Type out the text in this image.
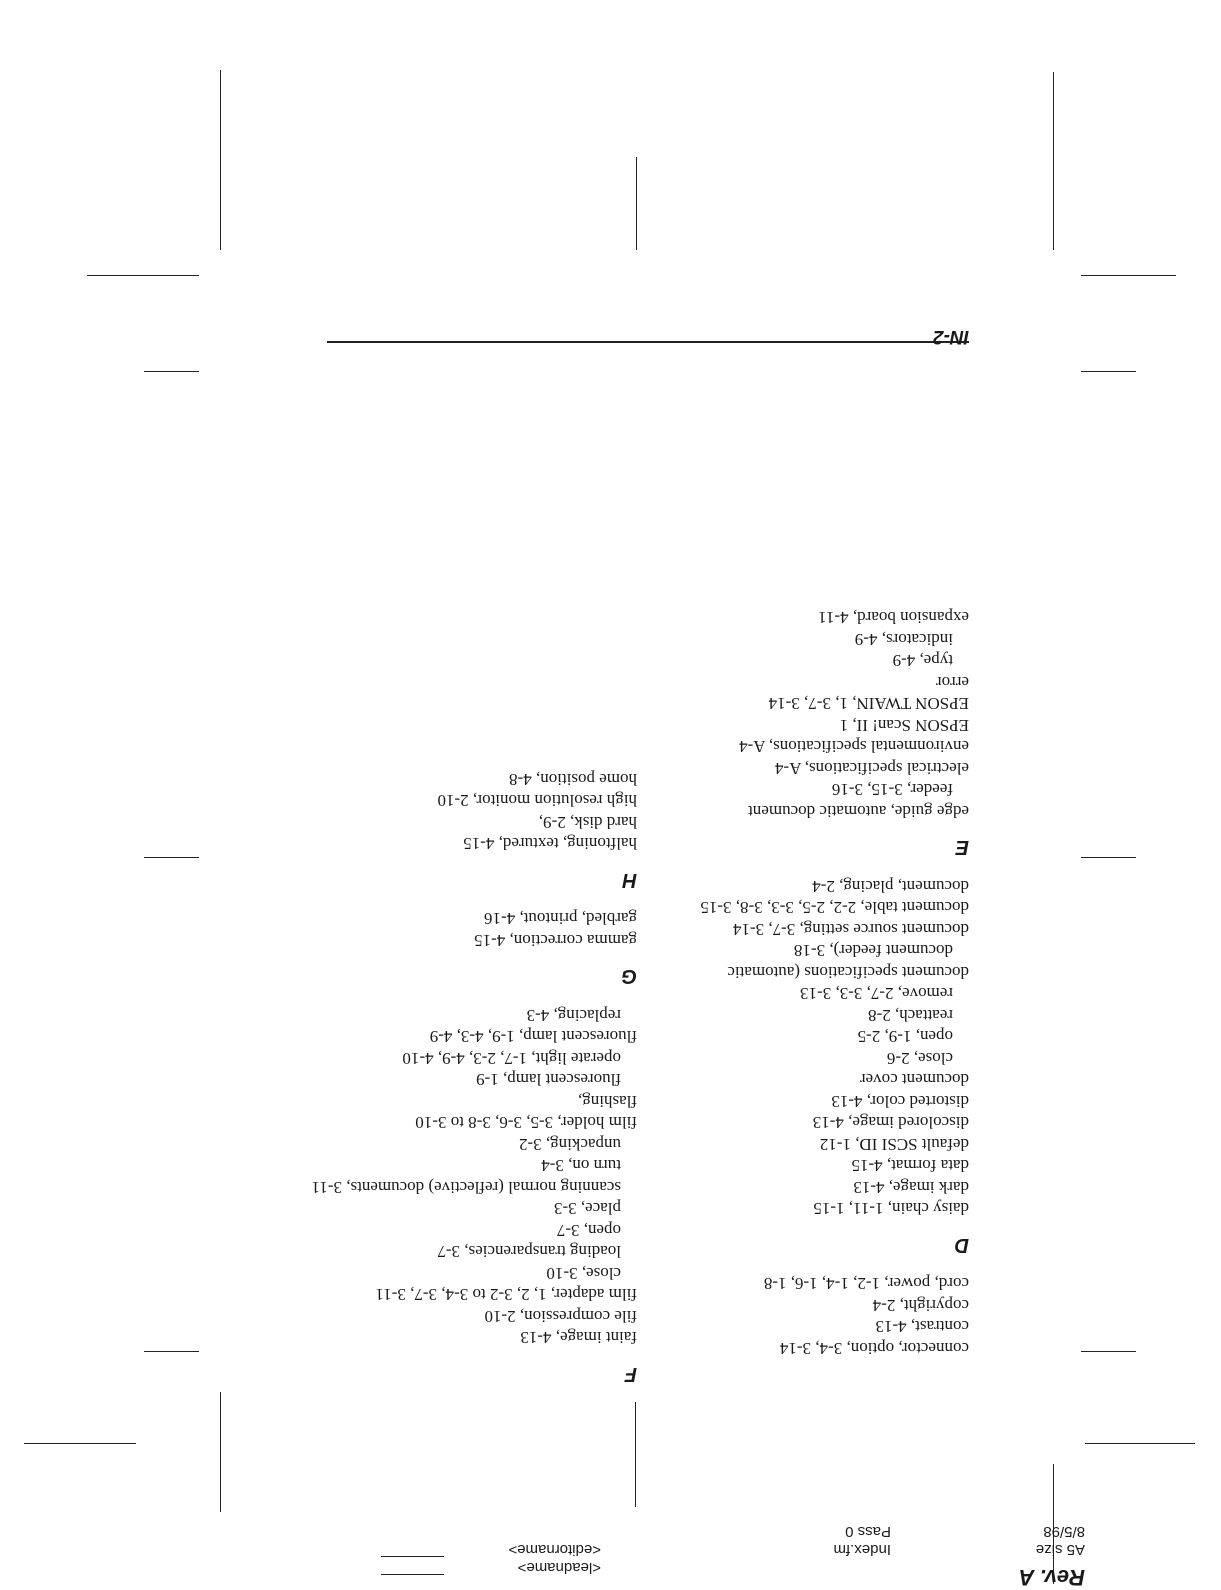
IN-2
Rev. A
A5 size
8/5/98
Index.fm
Pass 0
<leadname>
<editorname>
connector, option, 3-4, 3-14
contrast, 4-13
copyright, 2-4
cord, power, 1-2, 1-4, 1-6, 1-8
D
daisy chain, 1-11, 1-15
dark image, 4-13
data format, 4-15
default SCSI ID, 1-12
discolored image, 4-13
distorted color, 4-13
document cover
close, 2-6
open, 1-9, 2-5
reattach, 2-8
remove, 2-7, 3-3, 3-13
document specifications (automatic
document feeder), 3-18
document source setting, 3-7, 3-14
document table, 2-2, 2-5, 3-3, 3-8, 3-15
document, placing, 2-4
E
edge guide, automatic document
feeder, 3-15, 3-16
electrical specifications, A-4
environmental specifications, A-4
EPSON Scan! II, 1
EPSON TWAIN, 1, 3-7, 3-14
error
type, 4-9
indicators, 4-9
expansion board, 4-11
F
faint image, 4-13
file compression, 2-10
film adapter, 1, 2, 3-2 to 3-4, 3-7, 3-11
close, 3-10
loading transparencies, 3-7
open, 3-7
place, 3-3
scanning normal (reflective) documents, 3-11
turn on, 3-4
unpacking, 3-2
film holder, 3-5, 3-6, 3-8 to 3-10
flashing,
fluorescent lamp, 1-9
operate light, 1-7, 2-3, 4-9, 4-10
fluorescent lamp, 1-9, 4-3, 4-9
replacing, 4-3
G
gamma correction, 4-15
garbled, printout, 4-16
H
halftoning, textured, 4-15
hard disk, 2-9,
high resolution monitor, 2-10
home position, 4-8
